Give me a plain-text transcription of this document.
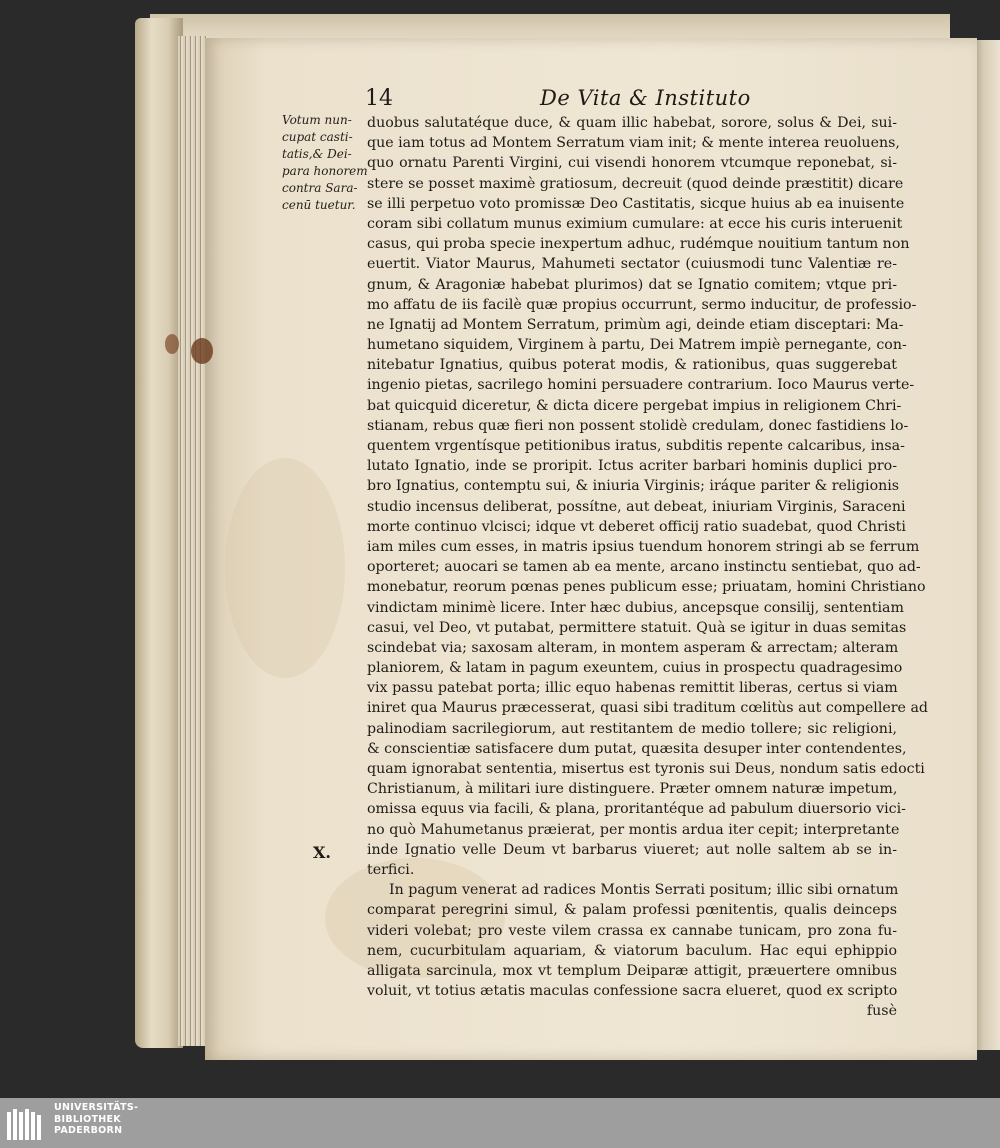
14	De Vita & Instituto
Votum nun-
cupat casti-
tatis,& Dei-
para honorem
contra Sara-
cenū tuetur.
X.
duobus salutatéque duce, & quam illic habebat, sorore, solus & Dei, sui-
que iam totus ad Montem Serratum viam init; & mente interea reuoluens,
quo ornatu Parenti Virgini, cui visendi honorem vtcumque reponebat, si-
stere se posset maximè gratiosum, decreuit (quod deinde præstitit) dicare
se illi perpetuo voto promissæ Deo Castitatis, sicque huius ab ea inuisente
coram sibi collatum munus eximium cumulare: at ecce his curis interuenit
casus, qui proba specie inexpertum adhuc, rudémque nouitium tantum non
euertit. Viator Maurus, Mahumeti sectator (cuiusmodi tunc Valentiæ re-
gnum, & Aragoniæ habebat plurimos) dat se Ignatio comitem; vtque pri-
mo affatu de iis facilè quæ propius occurrunt, sermo inducitur, de professio-
ne Ignatij ad Montem Serratum, primùm agi, deinde etiam disceptari: Ma-
humetano siquidem, Virginem à partu, Dei Matrem impiè pernegante, con-
nitebatur Ignatius, quibus poterat modis, & rationibus, quas suggerebat
ingenio pietas, sacrilego homini persuadere contrarium. Ioco Maurus verte-
bat quicquid diceretur, & dicta dicere pergebat impius in religionem Chri-
stianam, rebus quæ fieri non possent stolidè credulam, donec fastidiens lo-
quentem vrgentísque petitionibus iratus, subditis repente calcaribus, insa-
lutato Ignatio, inde se proripit. Ictus acriter barbari hominis duplici pro-
bro Ignatius, contemptu sui, & iniuria Virginis; iráque pariter & religionis
studio incensus deliberat, possítne, aut debeat, iniuriam Virginis, Saraceni
morte continuo vlcisci; idque vt deberet officij ratio suadebat, quod Christi
iam miles cum esses, in matris ipsius tuendum honorem stringi ab se ferrum
oporteret; auocari se tamen ab ea mente, arcano instinctu sentiebat, quo ad-
monebatur, reorum pœnas penes publicum esse; priuatam, homini Christiano
vindictam minimè licere. Inter hæc dubius, ancepsque consilij, sententiam
casui, vel Deo, vt putabat, permittere statuit. Quà se igitur in duas semitas
scindebat via; saxosam alteram, in montem asperam & arrectam; alteram
planiorem, & latam in pagum exeuntem, cuius in prospectu quadragesimo
vix passu patebat porta; illic equo habenas remittit liberas, certus si viam
iniret qua Maurus præcesserat, quasi sibi traditum cœlitùs aut compellere ad
palinodiam sacrilegiorum, aut restitantem de medio tollere; sic religioni,
& conscientiæ satisfacere dum putat, quæsita desuper inter contendentes,
quam ignorabat sententia, misertus est tyronis sui Deus, nondum satis edocti
Christianum, à militari iure distinguere. Præter omnem naturæ impetum,
omissa equus via facili, & plana, proritantéque ad pabulum diuersorio vici-
no quò Mahumetanus præierat, per montis ardua iter cepit; interpretante
inde Ignatio velle Deum vt barbarus viueret; aut nolle saltem ab se in-
terfici.
In pagum venerat ad radices Montis Serrati positum; illic sibi ornatum
comparat peregrini simul, & palam professi pœnitentis, qualis deinceps
videri volebat; pro veste vilem crassa ex cannabe tunicam, pro zona fu-
nem, cucurbitulam aquariam, & viatorum baculum. Hac equi ephippio
alligata sarcinula, mox vt templum Deiparæ attigit, præuertere omnibus
voluit, vt totius ætatis maculas confessione sacra elueret, quod ex scripto
fusè
UNIVERSITÄTS-
BIBLIOTHEK
PADERBORN
